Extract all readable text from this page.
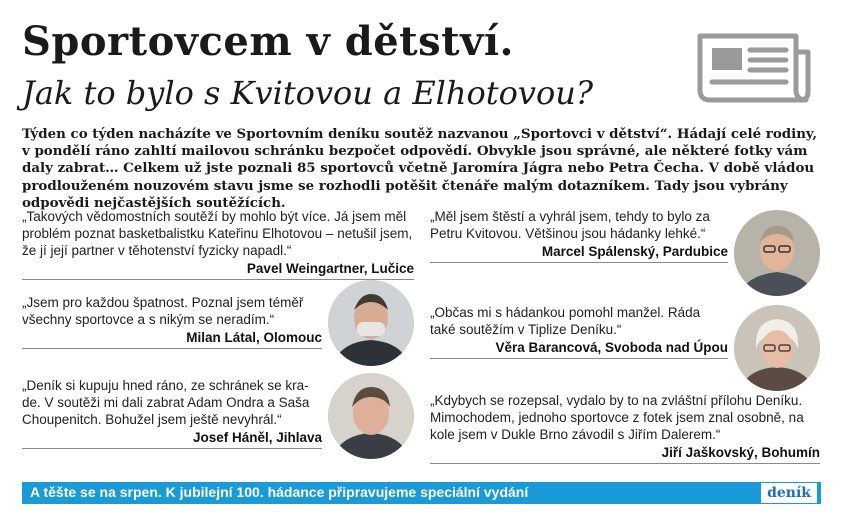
Sportovcem v dětství.
Jak to bylo s Kvitovou a Elhotovou?

Týden co týden nacházíte ve Sportovním deníku soutěž nazvanou „Sportovci v dětství“. Hádají celé rodiny, v pondělí ráno zahltí mailovou schránku bezpočet odpovědí. Obvykle jsou správné, ale některé fotky vám daly zabrat… Celkem už jste poznali 85 sportovců včetně Jaromíra Jágra nebo Petra Čecha. V době vládou prodlouženém nouzovém stavu jsme se rozhodli potěšit čtenáře malým dotazníkem. Tady jsou vybrány odpovědi nejčastějších soutěžících.

„Takových vědomostních soutěží by mohlo být více. Já jsem měl problém poznat basketbalistku Kateřinu Elhotovou – netušil jsem, že jí její partner v těhotenství fyzicky napadl.“

Pavel Weingartner, Lučice

„Jsem pro každou špatnost. Poznal jsem téměř všechny sportovce a s nikým se neradím.“

Milan Látal, Olomouc

„Deník si kupuju hned ráno, ze schránek se krade. V soutěži mi dali zabrat Adam Ondra a Saša Choupenitch. Bohužel jsem ještě nevyhrál.“

Josef Háněl, Jihlava

„Měl jsem štěstí a vyhrál jsem, tehdy to bylo za Petru Kvitovou. Většinou jsou hádanky lehké.“

Marcel Spálenský, Pardubice

„Občas mi s hádankou pomohl manžel. Ráda také soutěžím v Tiplize Deníku.“

Věra Barancová, Svoboda nad Úpou

„Kdybych se rozepsal, vydalo by to na zvláštní přílohu Deníku. Mimochodem, jednoho sportovce z fotek jsem znal osobně, na kole jsem v Dukle Brno závodil s Jiřím Dalerem.“

Jiří Jaškovský, Bohumín

A těšte se na srpen. K jubilejní 100. hádance připravujeme speciální vydání	deník
